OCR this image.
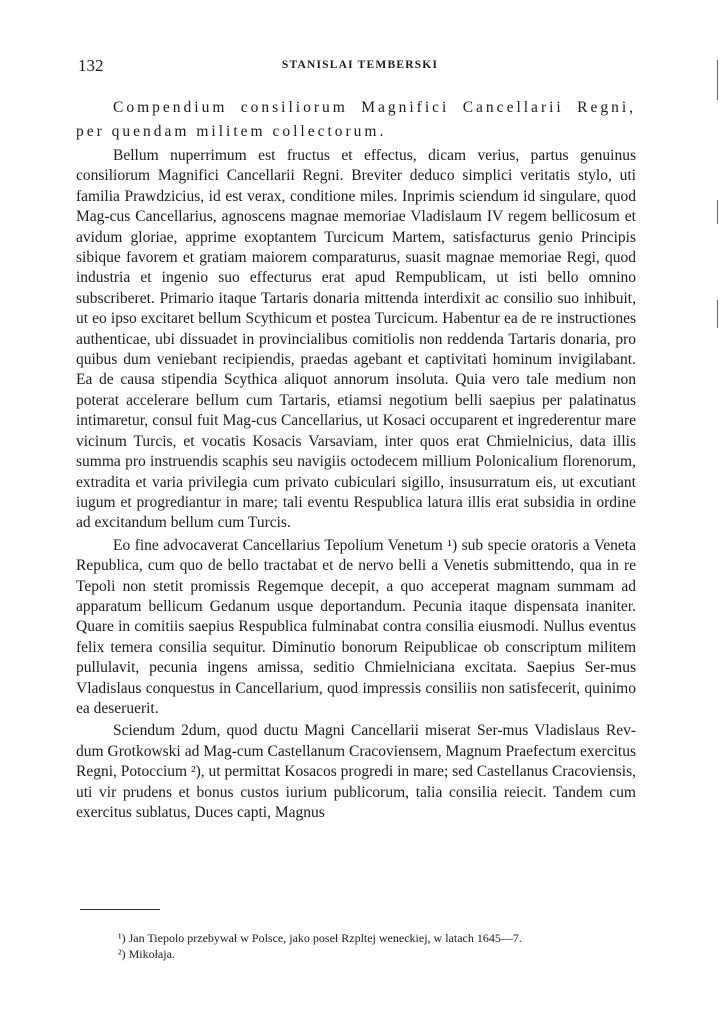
132	STANISLAI TEMBERSKI
Compendium consiliorum Magnifici Cancellarii Regni, per quendam militem collectorum.

Bellum nuperrimum est fructus et effectus, dicam verius, partus genuinus consiliorum Magnifici Cancellarii Regni. Breviter deduco simplici veritatis stylo, uti familia Prawdzicius, id est verax, conditione miles. Inprimis sciendum id singulare, quod Mag-cus Cancellarius, agnoscens magnae memoriae Vladislaum IV regem bellicosum et avidum gloriae, apprime exoptantem Turcicum Martem, satisfacturus genio Principis sibique favorem et gratiam maiorem comparaturus, suasit magnae memoriae Regi, quod industria et ingenio suo effecturus erat apud Rempublicam, ut isti bello omnino subscriberet. Primario itaque Tartaris donaria mittenda interdixit ac consilio suo inhibuit, ut eo ipso excitaret bellum Scythicum et postea Turcicum. Habentur ea de re instructiones authenticae, ubi dissuadet in provincialibus comitiolis non reddenda Tartaris donaria, pro quibus dum veniebant recipiendis, praedas agebant et captivitati hominum invigilabant. Ea de causa stipendia Scythica aliquot annorum insoluta. Quia vero tale medium non poterat accelerare bellum cum Tartaris, etiamsi negotium belli saepius per palatinatus intimaretur, consul fuit Mag-cus Cancellarius, ut Kosaci occuparent et ingrederentur mare vicinum Turcis, et vocatis Kosacis Varsaviam, inter quos erat Chmielnicius, data illis summa pro instruendis scaphis seu navigiis octodecem millium Polonicalium florenorum, extradita et varia privilegia cum privato cubiculari sigillo, insusurratum eis, ut excutiant iugum et progrediantur in mare; tali eventu Respublica latura illis erat subsidia in ordine ad excitandum bellum cum Turcis.

Eo fine advocaverat Cancellarius Tepolium Venetum ¹) sub specie oratoris a Veneta Republica, cum quo de bello tractabat et de nervo belli a Venetis submittendo, qua in re Tepoli non stetit promissis Regemque decepit, a quo acceperat magnam summam ad apparatum bellicum Gedanum usque deportandum. Pecunia itaque dispensata inaniter. Quare in comitiis saepius Respublica fulminabat contra consilia eiusmodi. Nullus eventus felix temera consilia sequitur. Diminutio bonorum Reipublicae ob conscriptum militem pullulavit, pecunia ingens amissa, seditio Chmielniciana excitata. Saepius Ser-mus Vladislaus conquestus in Cancellarium, quod impressis consiliis non satisfecerit, quinimo ea deseruerit.

Sciendum 2dum, quod ductu Magni Cancellarii miserat Ser-mus Vladislaus Rev-dum Grotkowski ad Mag-cum Castellanum Cracoviensem, Magnum Praefectum exercitus Regni, Potoccium ²), ut permittat Kosacos progredi in mare; sed Castellanus Cracoviensis, uti vir prudens et bonus custos iurium publicorum, talia consilia reiecit. Tandem cum exercitus sublatus, Duces capti, Magnus

¹) Jan Tiepolo przebywał w Polsce, jako poseł Rzpltej weneckiej, w latach 1645—7.
²) Mikołaja.
